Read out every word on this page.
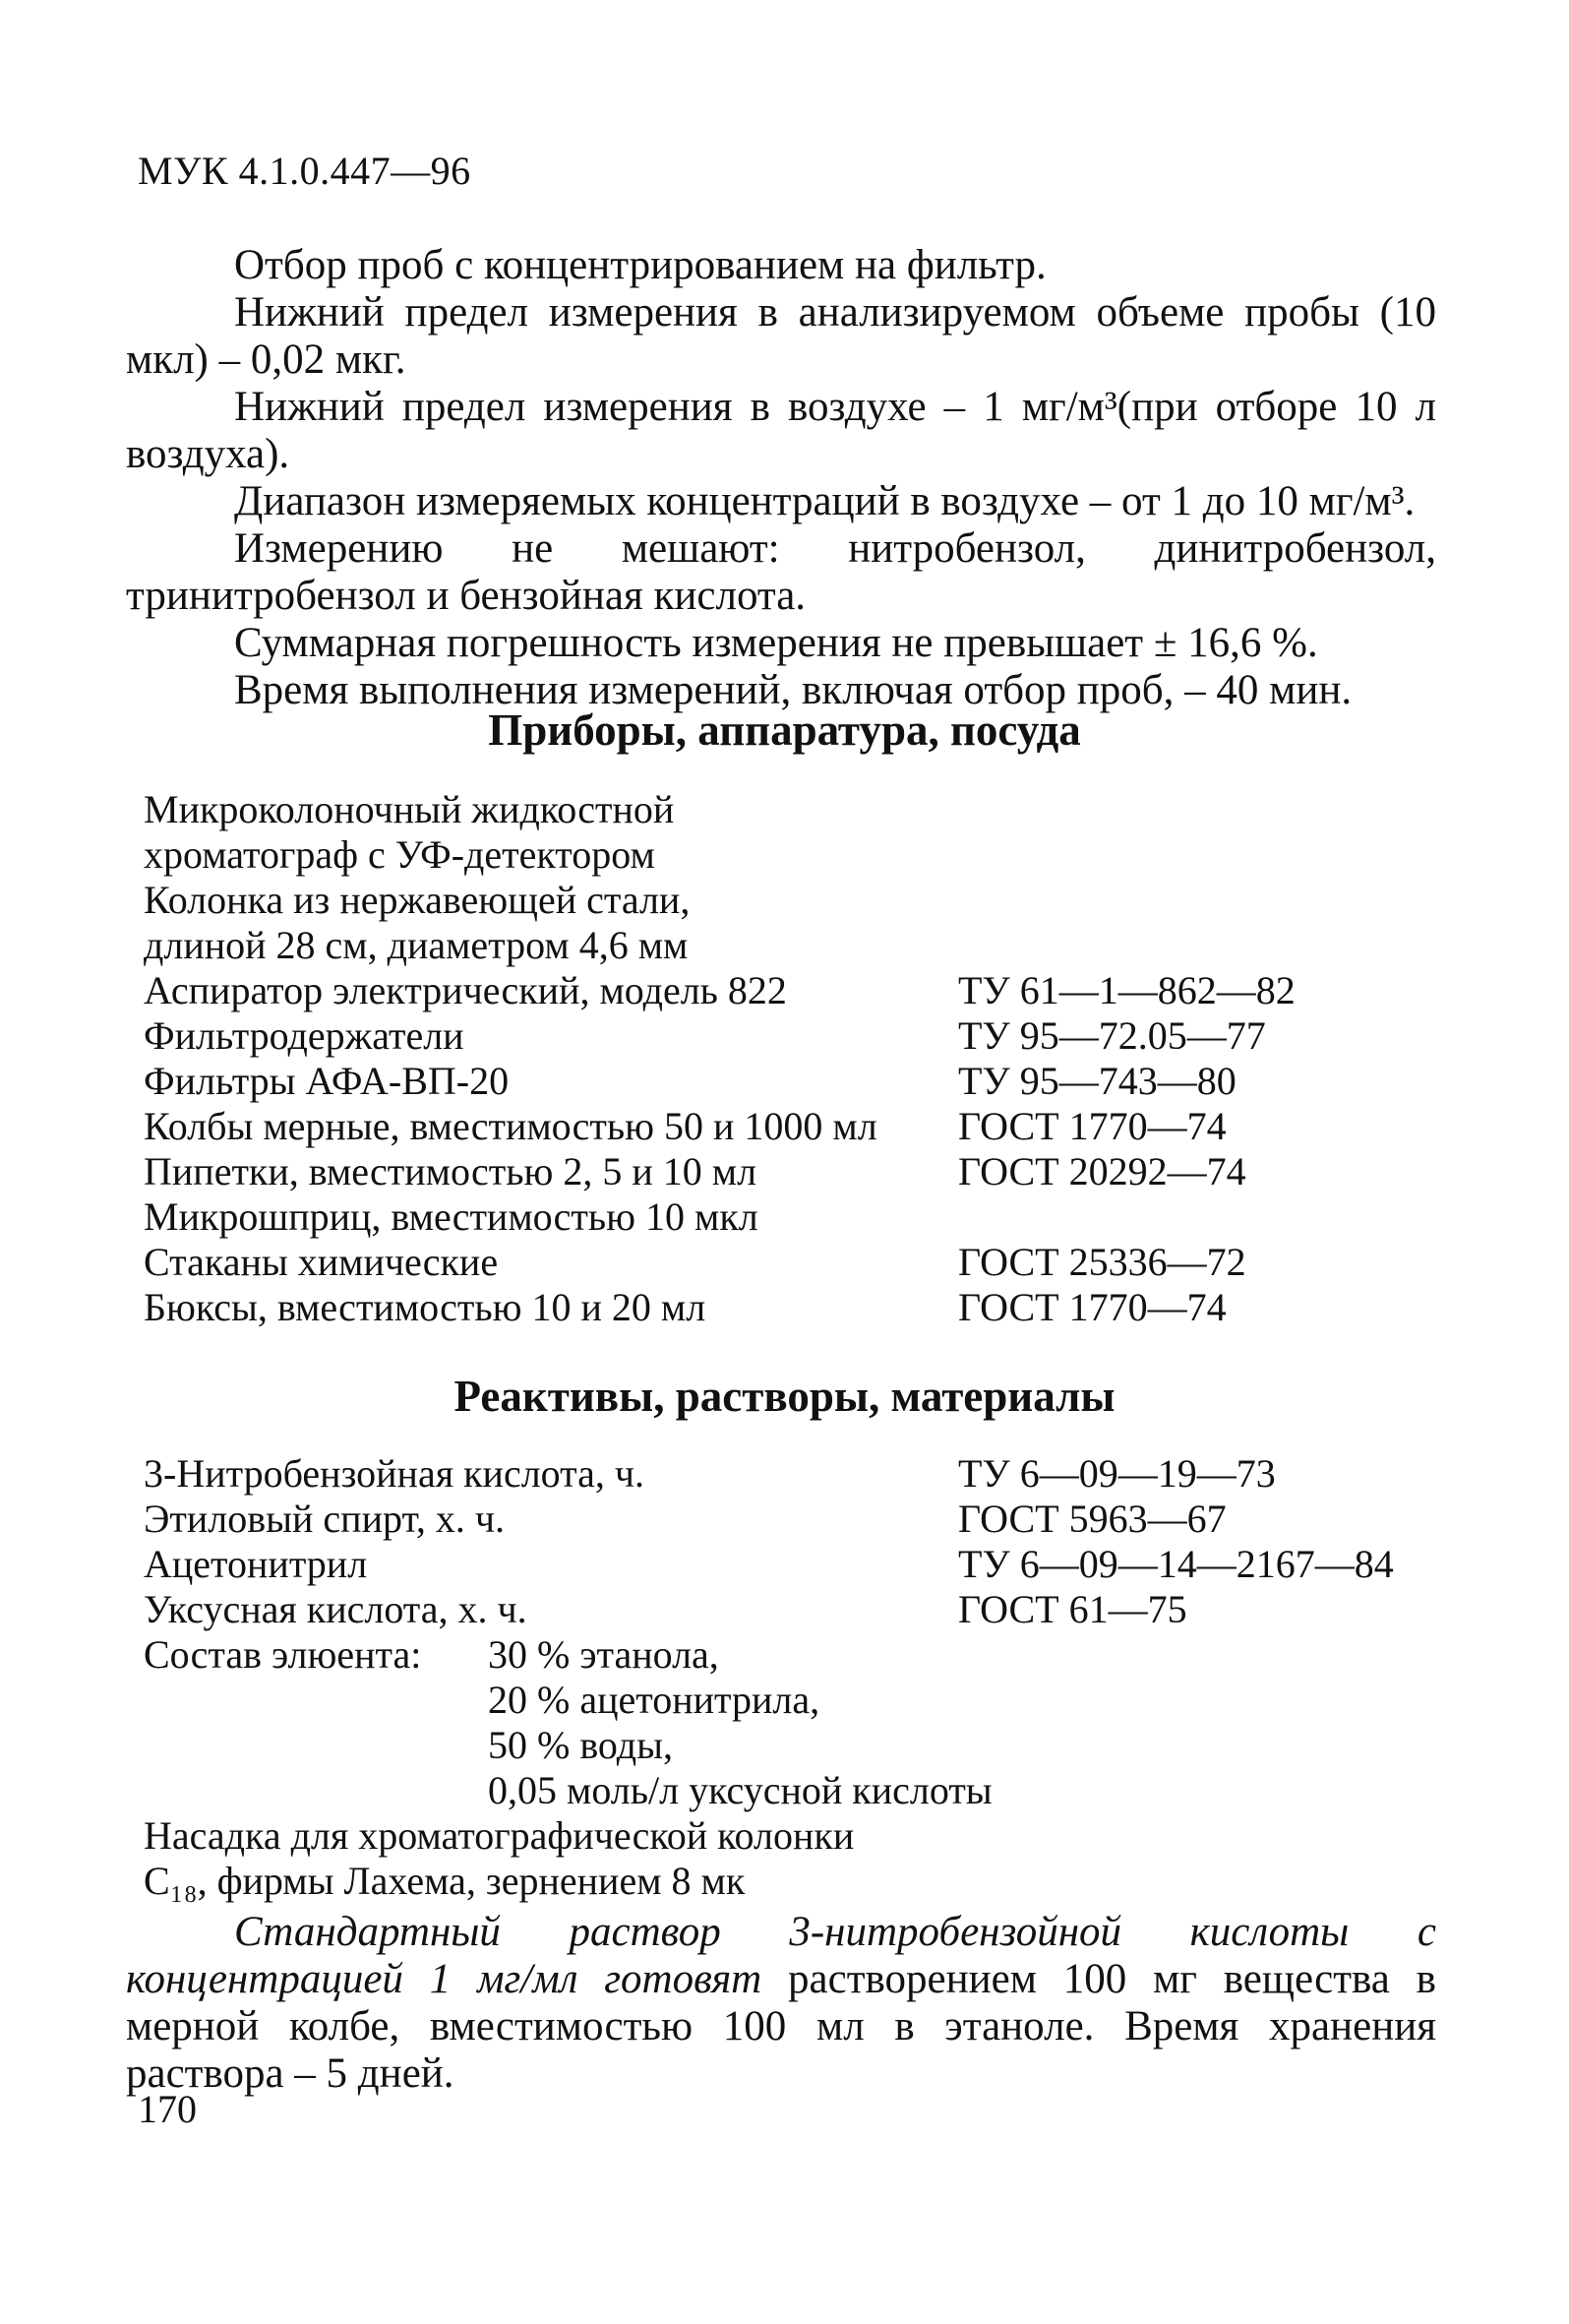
МУК 4.1.0.447—96

Отбор проб с концентрированием на фильтр.

Нижний предел измерения в анализируемом объеме пробы (10 мкл) – 0,02 мкг.

Нижний предел измерения в воздухе – 1 мг/м³(при отборе 10 л воздуха).

Диапазон измеряемых концентраций в воздухе – от 1 до 10 мг/м³.

Измерению не мешают: нитробензол, динитробензол, тринитробензол и бензойная кислота.

Суммарная погрешность измерения не превышает ± 16,6 %.

Время выполнения измерений, включая отбор проб, – 40 мин.

Приборы, аппаратура, посуда
Микроколоночный жидкостной
хроматограф с УФ-детектором
Колонка из нержавеющей стали,
длиной 28 см, диаметром 4,6 мм
Аспиратор электрический, модель 822	ТУ 61—1—862—82
Фильтродержатели	ТУ 95—72.05—77
Фильтры АФА-ВП-20	ТУ 95—743—80
Колбы мерные, вместимостью 50 и 1000 мл	ГОСТ 1770—74
Пипетки, вместимостью 2, 5 и 10 мл	ГОСТ 20292—74
Микрошприц, вместимостью 10 мкл
Стаканы химические	ГОСТ 25336—72
Бюксы, вместимостью 10 и 20 мл	ГОСТ 1770—74
Реактивы, растворы, материалы
3-Нитробензойная кислота, ч.	ТУ 6—09—19—73
Этиловый спирт, х. ч.	ГОСТ 5963—67
Ацетонитрил	ТУ 6—09—14—2167—84
Уксусная кислота, х. ч.	ГОСТ 61—75
Состав элюента:	30 % этанола,
20 % ацетонитрила,
50 % воды,
0,05 моль/л уксусной кислоты
Насадка для хроматографической колонки
C₁₈, фирмы Лахема, зернением 8 мк

Стандартный раствор 3-нитробензойной кислоты с концентрацией 1 мг/мл готовят растворением 100 мг вещества в мерной колбе, вместимостью 100 мл в этаноле. Время хранения раствора – 5 дней.

170
